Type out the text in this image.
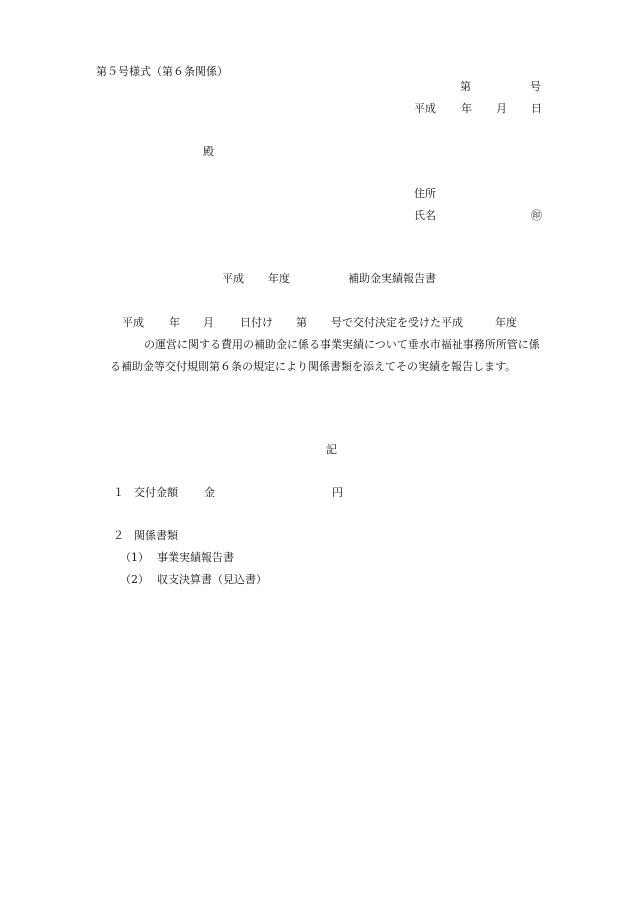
第５号様式（第６条関係）
第	号
平成 年 月 日
殿
住所
氏名	㊞
平成 年度	補助金実績報告書
平成 年 月 日付け 第 号で交付決定を受けた平成	年度
の運営に関する費用の補助金に係る事業実績について垂水市福祉事務所所管に係
る補助金等交付規則第６条の規定により関係書類を添えてその実績を報告します。
記
１ 交付金額 金	円
２ 関係書類
（1） 事業実績報告書
（2） 収支決算書（見込書）
